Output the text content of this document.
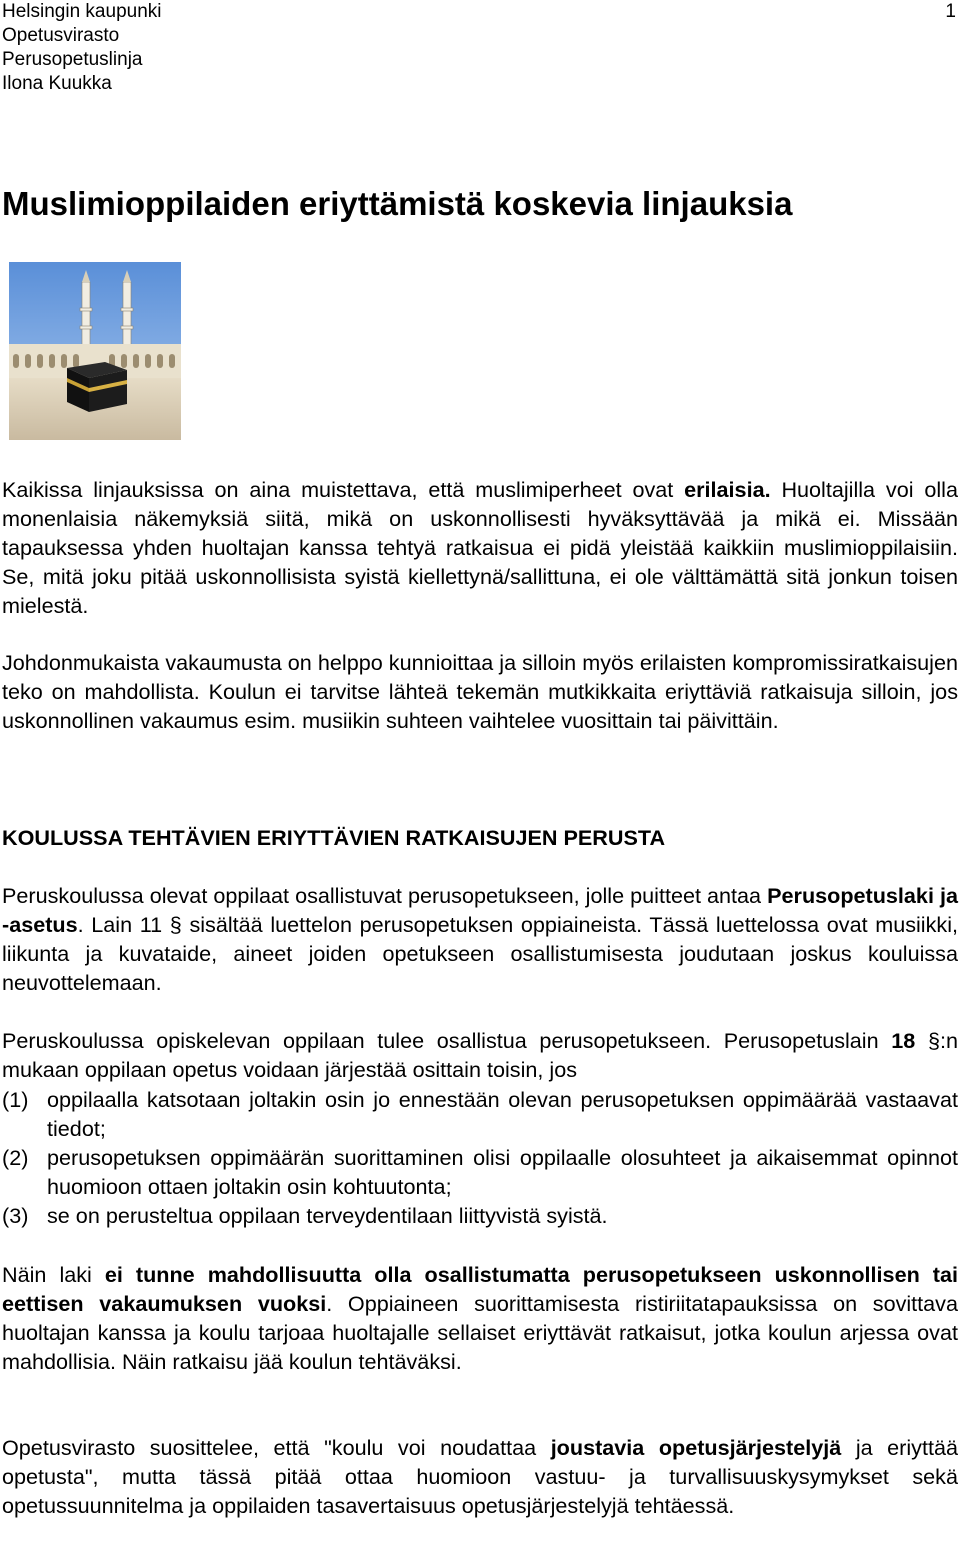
Helsingin kaupunki
Opetusvirasto
Perusopetuslinja
Ilona Kuukka
1
Muslimioppilaiden eriyttämistä koskevia linjauksia

Kaikissa linjauksissa on aina muistettava, että muslimiperheet ovat erilaisia. Huoltajilla voi olla monenlaisia näkemyksiä siitä, mikä on uskonnollisesti hyväksyttävää ja mikä ei. Missään tapauksessa yhden huoltajan kanssa tehtyä ratkaisua ei pidä yleistää kaikkiin muslimioppilaisiin. Se, mitä joku pitää uskonnollisista syistä kiellettynä/sallittuna, ei ole välttämättä sitä jonkun toisen mielestä.

Johdonmukaista vakaumusta on helppo kunnioittaa ja silloin myös erilaisten kompromissiratkaisujen teko on mahdollista. Koulun ei tarvitse lähteä tekemän mutkikkaita eriyttäviä ratkaisuja silloin, jos uskonnollinen vakaumus esim. musiikin suhteen vaihtelee vuosittain tai päivittäin.

KOULUSSA TEHTÄVIEN ERIYTTÄVIEN RATKAISUJEN PERUSTA

Peruskoulussa olevat oppilaat osallistuvat perusopetukseen, jolle puitteet antaa Perusopetuslaki ja -asetus. Lain 11 § sisältää luettelon perusopetuksen oppiaineista. Tässä luettelossa ovat musiikki, liikunta ja kuvataide, aineet joiden opetukseen osallistumisesta joudutaan joskus kouluissa neuvottelemaan.

Peruskoulussa opiskelevan oppilaan tulee osallistua perusopetukseen. Perusopetuslain 18 §:n mukaan oppilaan opetus voidaan järjestää osittain toisin, jos

(1) oppilaalla katsotaan joltakin osin jo ennestään olevan perusopetuksen oppimäärää vastaavat tiedot;
(2) perusopetuksen oppimäärän suorittaminen olisi oppilaalle olosuhteet ja aikaisemmat opinnot huomioon ottaen joltakin osin kohtuutonta;
(3) se on perusteltua oppilaan terveydentilaan liittyvistä syistä.

Näin laki ei tunne mahdollisuutta olla osallistumatta perusopetukseen uskonnollisen tai eettisen vakaumuksen vuoksi. Oppiaineen suorittamisesta ristiriitatapauksissa on sovittava huoltajan kanssa ja koulu tarjoaa huoltajalle sellaiset eriyttävät ratkaisut, jotka koulun arjessa ovat mahdollisia. Näin ratkaisu jää koulun tehtäväksi.

Opetusvirasto suosittelee, että "koulu voi noudattaa joustavia opetusjärjestelyjä ja eriyttää opetusta", mutta tässä pitää ottaa huomioon vastuu- ja turvallisuuskysymykset sekä opetussuunnitelma ja oppilaiden tasavertaisuus opetusjärjestelyjä tehtäessä.
